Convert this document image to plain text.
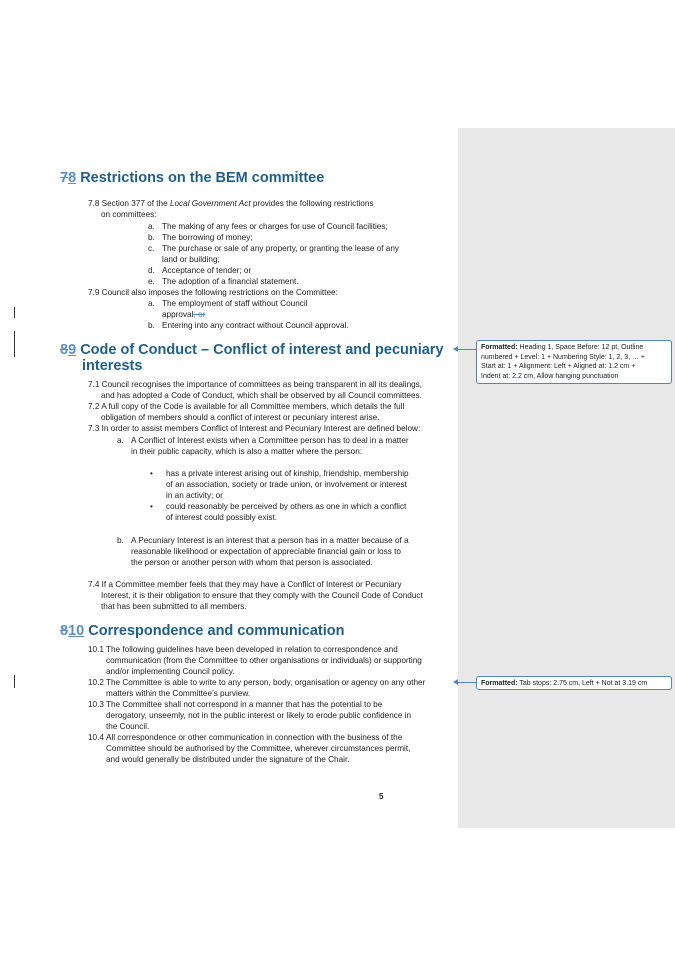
78 Restrictions on the BEM committee
7.8 Section 377 of the Local Government Act provides the following restrictions
on committees:
a. The making of any fees or charges for use of Council facilities;
b. The borrowing of money;
c. The purchase or sale of any property, or granting the lease of any
land or building;
d. Acceptance of tender; or
e. The adoption of a financial statement.
7.9 Council also imposes the following restrictions on the Committee:
a. The employment of staff without Council
approval; or
b. Entering into any contract without Council approval.
89 Code of Conduct – Conflict of interest and pecuniary
interests
7.1 Council recognises the importance of committees as being transparent in all its dealings,
and has adopted a Code of Conduct, which shall be observed by all Council committees.
7.2 A full copy of the Code is available for all Committee members, which details the full
obligation of members should a conflict of interest or pecuniary interest arise.
7.3 In order to assist members Conflict of Interest and Pecuniary Interest are defined below:
a. A Conflict of Interest exists when a Committee person has to deal in a matter
in their public capacity, which is also a matter where the person:
• has a private interest arising out of kinship, friendship, membership
of an association, society or trade union, or involvement or interest
in an activity; or
• could reasonably be perceived by others as one in which a conflict
of interest could possibly exist.
b. A Pecuniary Interest is an interest that a person has in a matter because of a
reasonable likelihood or expectation of appreciable financial gain or loss to
the person or another person with whom that person is associated.
7.4 If a Committee member feels that they may have a Conflict of Interest or Pecuniary
Interest, it is their obligation to ensure that they comply with the Council Code of Conduct
that has been submitted to all members.
810 Correspondence and communication
10.1 The following guidelines have been developed in relation to correspondence and
communication (from the Committee to other organisations or individuals) or supporting
and/or implementing Council policy.
10.2 The Committee is able to write to any person, body, organisation or agency on any other
matters within the Committee’s purview.
10.3 The Committee shall not correspond in a manner that has the potential to be
derogatory, unseemly, not in the public interest or likely to erode public confidence in
the Council.
10.4 All correspondence or other communication in connection with the business of the
Committee should be authorised by the Committee, wherever circumstances permit,
and would generally be distributed under the signature of the Chair.
5
Formatted: Heading 1, Space Before: 12 pt, Outline
numbered + Level: 1 + Numbering Style: 1, 2, 3, … +
Start at: 1 + Alignment: Left + Aligned at: 1.2 cm +
Indent at: 2.2 cm, Allow hanging punctuation
Formatted: Tab stops: 2.75 cm, Left + Not at 3.19 cm
